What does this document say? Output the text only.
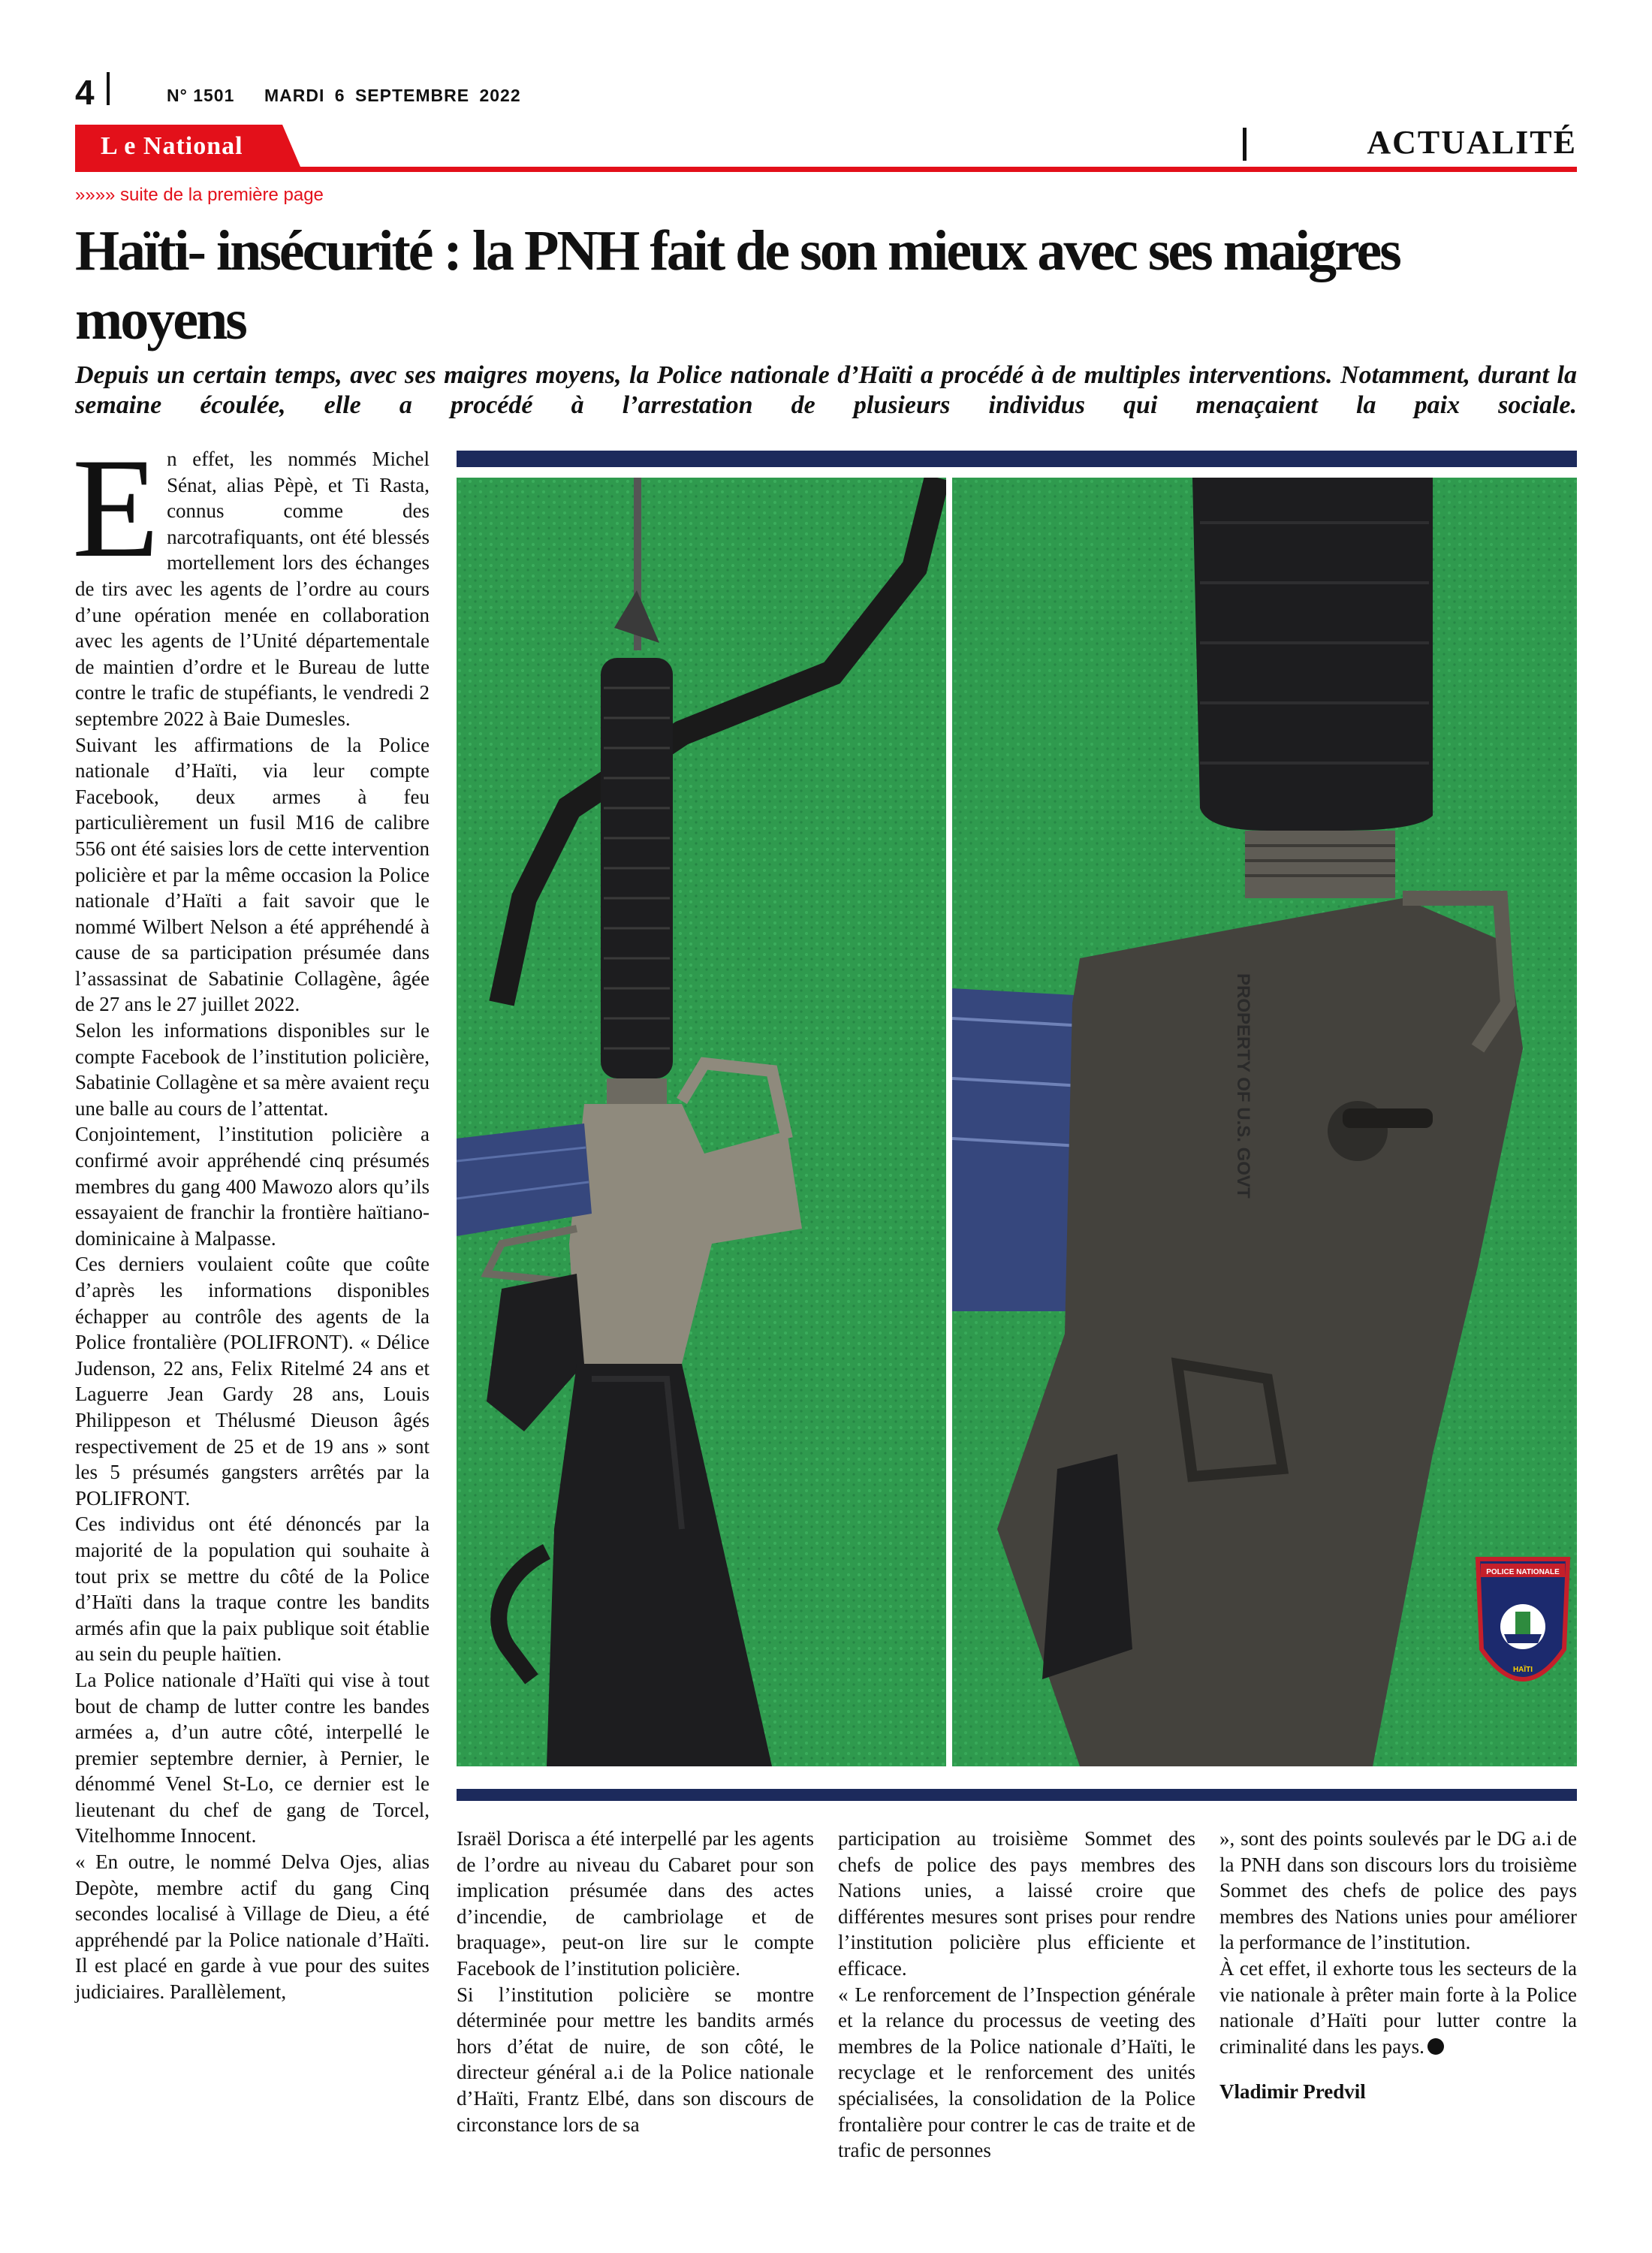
4	N° 1501 MARDI 6 SEPTEMBRE 2022
L e National	ACTUALITÉ
»»»» suite de la première page
Haïti- insécurité : la PNH fait de son mieux avec ses maigres moyens
Depuis un certain temps, avec ses maigres moyens, la Police nationale d’Haïti a procédé à de multiples interventions. Notamment, durant la semaine écoulée, elle a procédé à l’arrestation de plusieurs individus qui menaçaient la paix sociale.
E n effet, les nommés Michel Sénat, alias Pèpè, et Ti Rasta, connus comme des narcotrafiquants, ont été blessés mortellement lors des échanges de tirs avec les agents de l’ordre au cours d’une opération menée en collaboration avec les agents de l’Unité départementale de maintien d’ordre et le Bureau de lutte contre le trafic de stupéfiants, le vendredi 2 septembre 2022 à Baie Dumesles.

Suivant les affirmations de la Police nationale d’Haïti, via leur compte Facebook, deux armes à feu particulièrement un fusil M16 de calibre 556 ont été saisies lors de cette intervention policière et par la même occasion la Police nationale d’Haïti a fait savoir que le nommé Wilbert Nelson a été appréhendé à cause de sa participation présumée dans l’assassinat de Sabatinie Collagène, âgée de 27 ans le 27 juillet 2022.

Selon les informations disponibles sur le compte Facebook de l’institution policière, Sabatinie Collagène et sa mère avaient reçu une balle au cours de l’attentat.

Conjointement, l’institution policière a confirmé avoir appréhendé cinq présumés membres du gang 400 Mawozo alors qu’ils essayaient de franchir la frontière haïtiano-dominicaine à Malpasse.

Ces derniers voulaient coûte que coûte d’après les informations disponibles échapper au contrôle des agents de la Police frontalière (POLIFRONT). « Délice Judenson, 22 ans, Felix Ritelmé 24 ans et Laguerre Jean Gardy 28 ans, Louis Philippeson et Thélusmé Dieuson âgés respectivement de 25 et de 19 ans » sont les 5 présumés gangsters arrêtés par la POLIFRONT.

Ces individus ont été dénoncés par la majorité de la population qui souhaite à tout prix se mettre du côté de la Police d’Haïti dans la traque contre les bandits armés afin que la paix publique soit établie au sein du peuple haïtien.

La Police nationale d’Haïti qui vise à tout bout de champ de lutter contre les bandes armées a, d’un autre côté, interpellé le premier septembre dernier, à Pernier, le dénommé Venel St-Lo, ce dernier est le lieutenant du chef de gang de Torcel, Vitelhomme Innocent.

« En outre, le nommé Delva Ojes, alias Depòte, membre actif du gang Cinq secondes localisé à Village de Dieu, a été appréhendé par la Police nationale d’Haïti. Il est placé en garde à vue pour des suites judiciaires. Parallèlement,

PROPERTY OF U.S. GOVT
POLICE NATIONALE
HAÏTI

Israël Dorisca a été interpellé par les agents de l’ordre au niveau du Cabaret pour son implication présumée dans des actes d’incendie, de cambriolage et de braquage», peut-on lire sur le compte Facebook de l’institution policière.

Si l’institution policière se montre déterminée pour mettre les bandits armés hors d’état de nuire, de son côté, le directeur général a.i de la Police nationale d’Haïti, Frantz Elbé, dans son discours de circonstance lors de sa

participation au troisième Sommet des chefs de police des pays membres des Nations unies, a laissé croire que différentes mesures sont prises pour rendre l’institution policière plus efficiente et efficace.

« Le renforcement de l’Inspection générale et la relance du processus de veeting des membres de la Police nationale d’Haïti, le recyclage et le renforcement des unités spécialisées, la consolidation de la Police frontalière pour contrer le cas de traite et de trafic de personnes

», sont des points soulevés par le DG a.i de la PNH dans son discours lors du troisième Sommet des chefs de police des pays membres des Nations unies pour améliorer la performance de l’institution.

À cet effet, il exhorte tous les secteurs de la vie nationale à prêter main forte à la Police nationale d’Haïti pour lutter contre la criminalité dans les pays.

Vladimir Predvil
